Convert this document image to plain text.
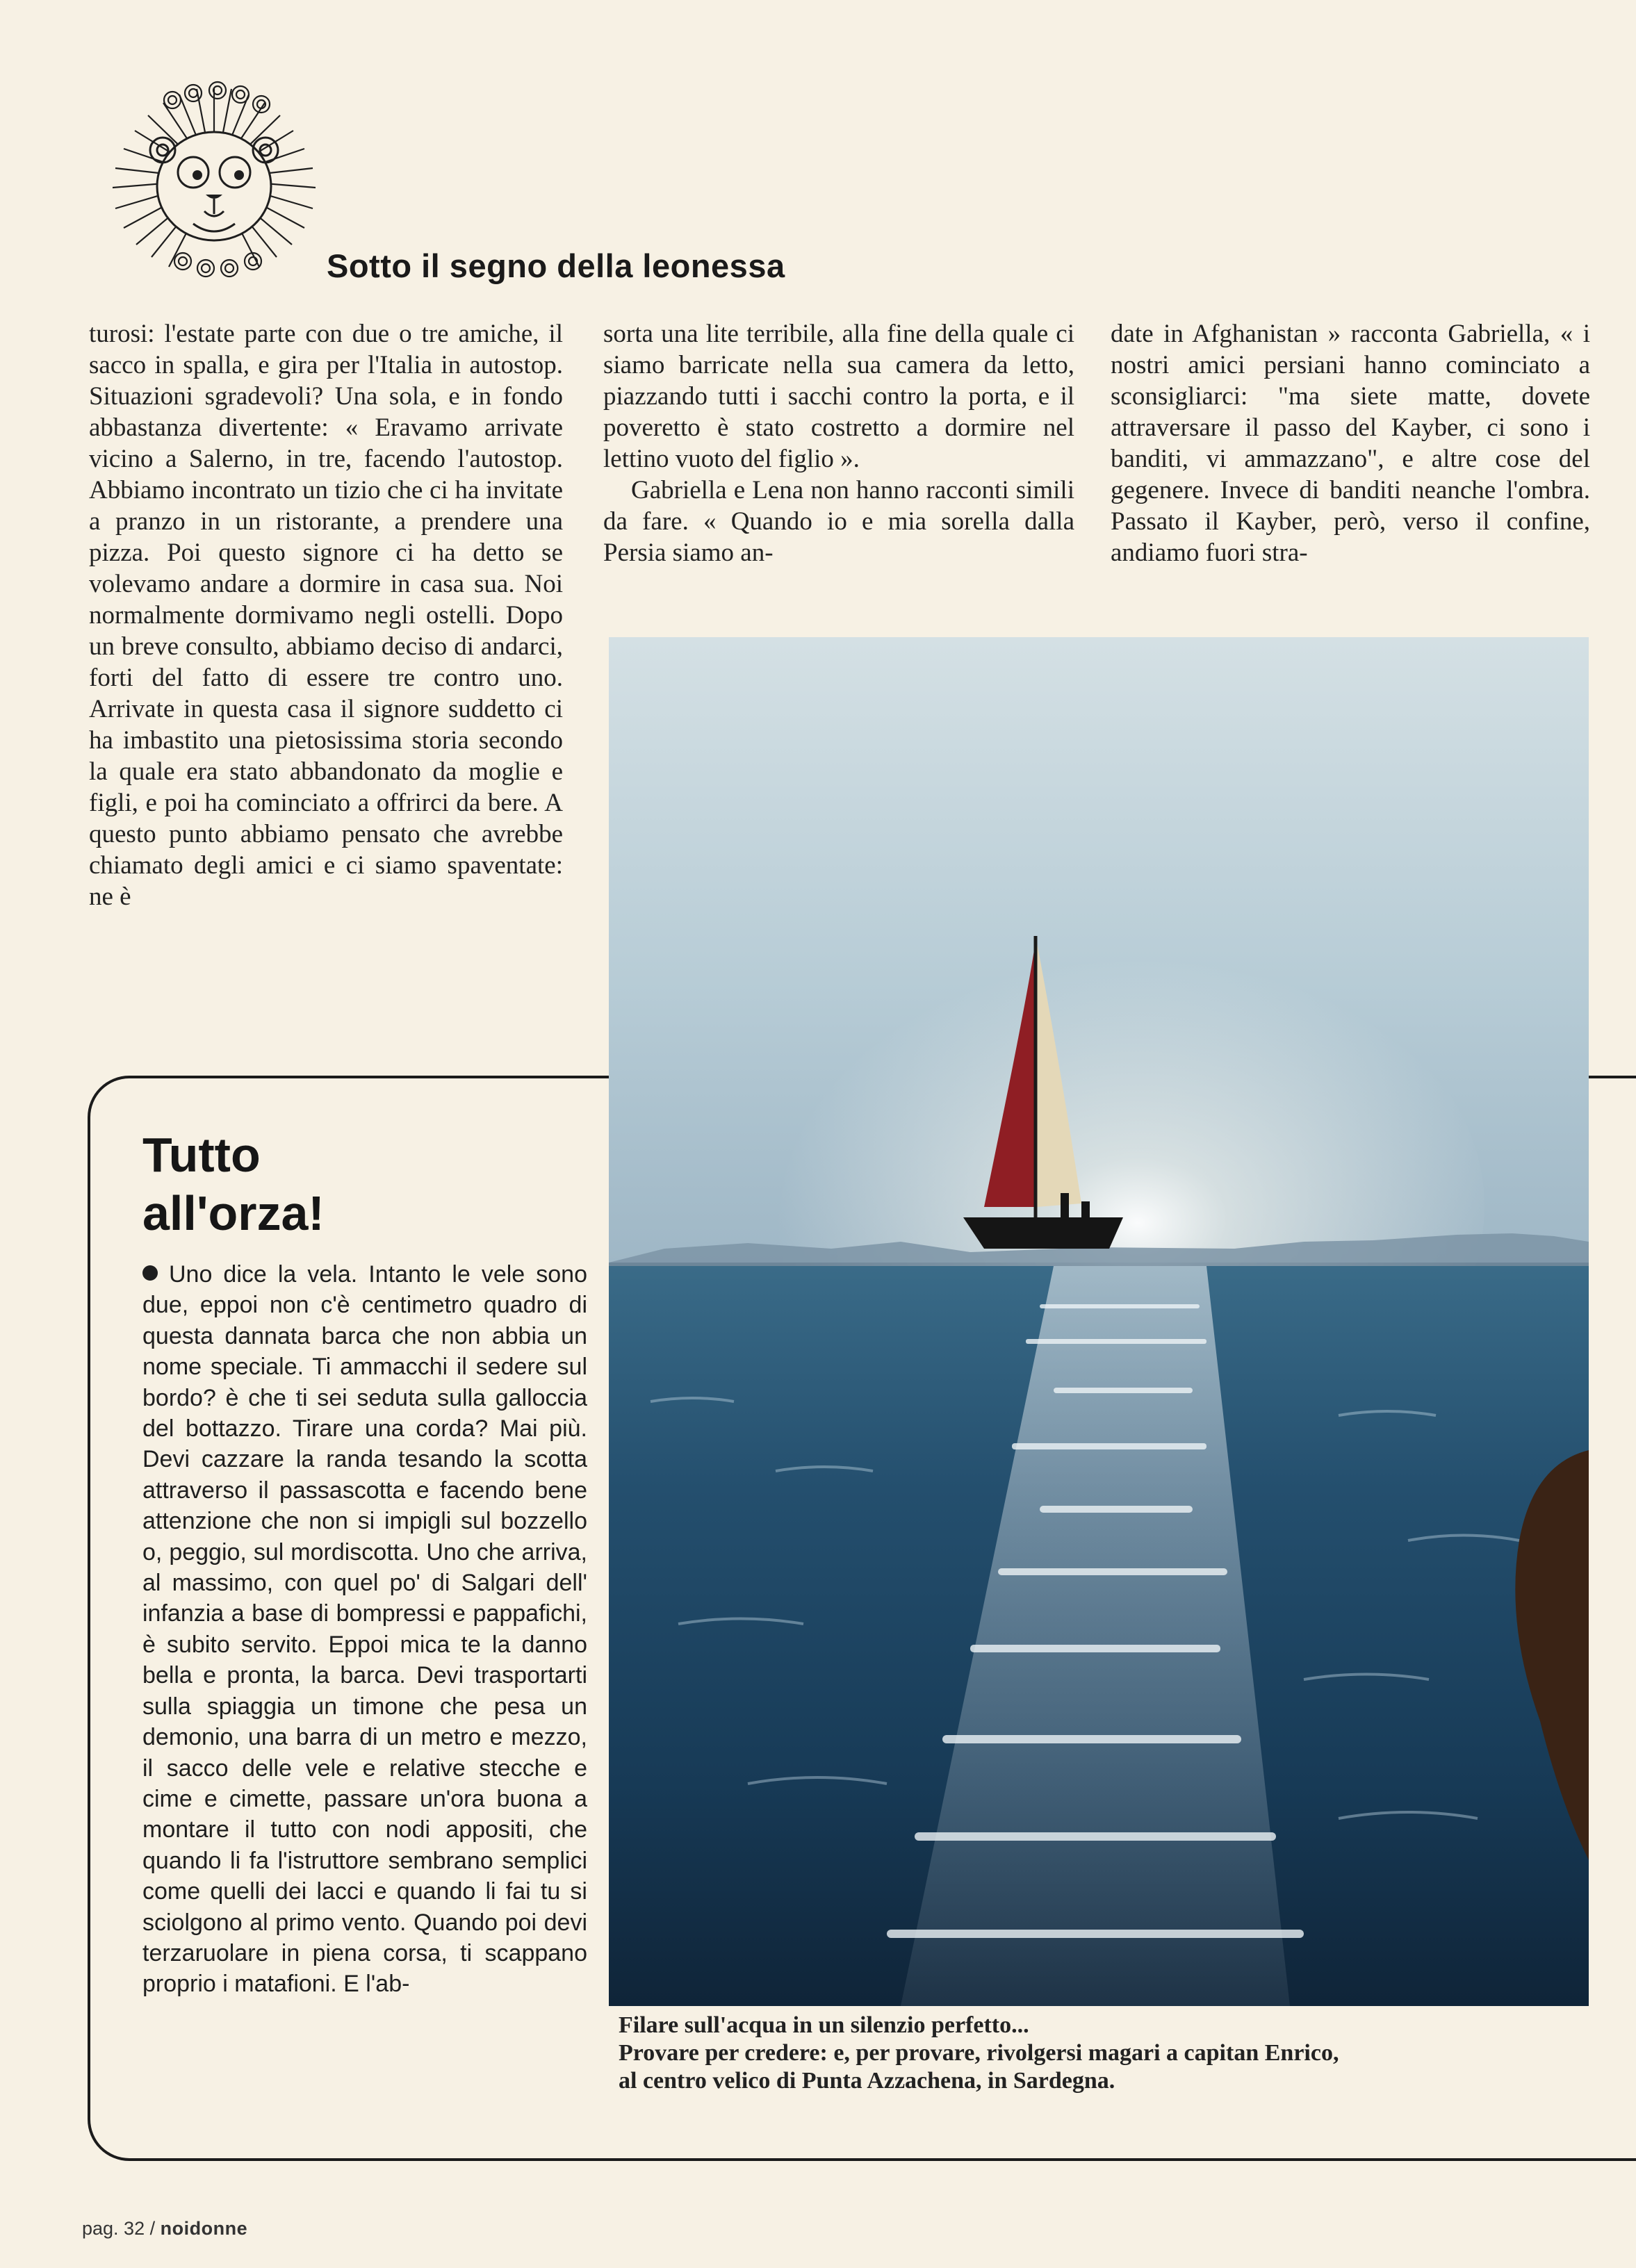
Sotto il segno della leonessa

turosi: l'estate parte con due o tre amiche, il sacco in spalla, e gira per l'Italia in autostop. Situazioni sgradevoli? Una sola, e in fondo abbastanza divertente: « Eravamo arrivate vicino a Salerno, in tre, facendo l'autostop. Abbiamo incontrato un tizio che ci ha invitate a pranzo in un ristorante, a prendere una pizza. Poi questo signore ci ha detto se volevamo andare a dormire in casa sua. Noi normalmente dormivamo negli ostelli. Dopo un breve consulto, abbiamo deciso di andarci, forti del fatto di essere tre contro uno. Arrivate in questa casa il signore suddetto ci ha imbastito una pietosissima storia secondo la quale era stato abbandonato da moglie e figli, e poi ha cominciato a offrirci da bere. A questo punto abbiamo pensato che avrebbe chiamato degli amici e ci siamo spaventate: ne è

sorta una lite terribile, alla fine della quale ci siamo barricate nella sua camera da letto, piazzando tutti i sacchi contro la porta, e il poveretto è stato costretto a dormire nel lettino vuoto del figlio ».

Gabriella e Lena non hanno racconti simili da fare. « Quando io e mia sorella dalla Persia siamo an-

date in Afghanistan » racconta Gabriella, « i nostri amici persiani hanno cominciato a sconsigliarci: "ma siete matte, dovete attraversare il passo del Kayber, ci sono i banditi, vi ammazzano", e altre cose del gegenere. Invece di banditi neanche l'ombra. Passato il Kayber, però, verso il confine, andiamo fuori stra-

Tutto
all'orza!
Uno dice la vela. Intanto le vele sono due, eppoi non c'è centimetro quadro di questa dannata barca che non abbia un nome speciale. Ti ammacchi il sedere sul bordo? è che ti sei seduta sulla galloccia del bottazzo. Tirare una corda? Mai più. Devi cazzare la randa tesando la scotta attraverso il passascotta e facendo bene attenzione che non si impigli sul bozzello o, peggio, sul mordiscotta. Uno che arriva, al massimo, con quel po' di Salgari dell' infanzia a base di bompressi e pappafichi, è subito servito. Eppoi mica te la danno bella e pronta, la barca. Devi trasportarti sulla spiaggia un timone che pesa un demonio, una barra di un metro e mezzo, il sacco delle vele e relative stecche e cime e cimette, passare un'ora buona a montare il tutto con nodi appositi, che quando li fa l'istruttore sembrano semplici come quelli dei lacci e quando li fai tu si sciolgono al primo vento. Quando poi devi terzaruolare in piena corsa, ti scappano proprio i matafioni. E l'ab-
Filare sull'acqua in un silenzio perfetto...
Provare per credere: e, per provare, rivolgersi magari a capitan Enrico,
al centro velico di Punta Azzachena, in Sardegna.
pag. 32 / noidonne
